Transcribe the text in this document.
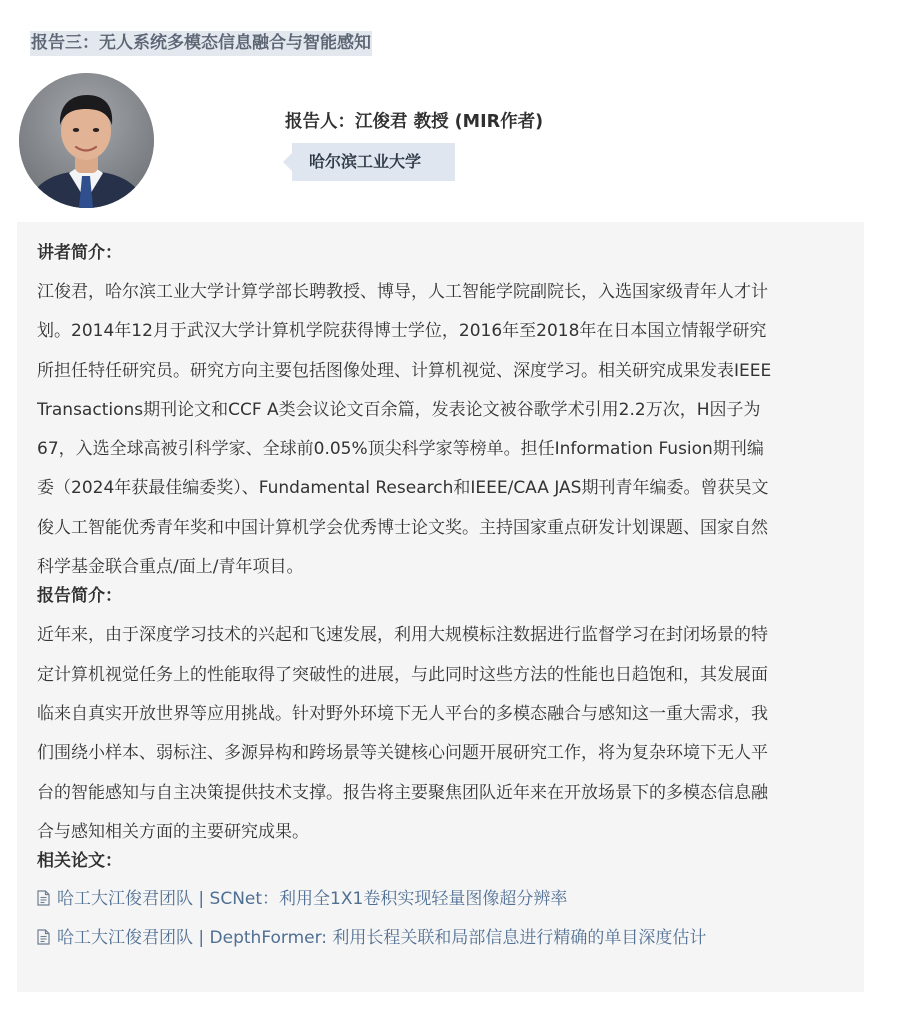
报告三：无人系统多模态信息融合与智能感知
报告人：江俊君 教授 (MIR作者)
哈尔滨工业大学
讲者简介：
江俊君，哈尔滨工业大学计算学部长聘教授、博导，人工智能学院副院长，入选国家级青年人才计
划。2014年12月于武汉大学计算机学院获得博士学位，2016年至2018年在日本国立情報学研究
所担任特任研究员。研究方向主要包括图像处理、计算机视觉、深度学习。相关研究成果发表IEEE
Transactions期刊论文和CCF A类会议论文百余篇，发表论文被谷歌学术引用2.2万次，H因子为
67，入选全球高被引科学家、全球前0.05%顶尖科学家等榜单。担任Information Fusion期刊编
委（2024年获最佳编委奖）、Fundamental Research和IEEE/CAA JAS期刊青年编委。曾获吴文
俊人工智能优秀青年奖和中国计算机学会优秀博士论文奖。主持国家重点研发计划课题、国家自然
科学基金联合重点/面上/青年项目。
报告简介：
近年来，由于深度学习技术的兴起和飞速发展，利用大规模标注数据进行监督学习在封闭场景的特
定计算机视觉任务上的性能取得了突破性的进展，与此同时这些方法的性能也日趋饱和，其发展面
临来自真实开放世界等应用挑战。针对野外环境下无人平台的多模态融合与感知这一重大需求，我
们围绕小样本、弱标注、多源异构和跨场景等关键核心问题开展研究工作，将为复杂环境下无人平
台的智能感知与自主决策提供技术支撑。报告将主要聚焦团队近年来在开放场景下的多模态信息融
合与感知相关方面的主要研究成果。
相关论文：
哈工大江俊君团队 | SCNet：利用全1X1卷积实现轻量图像超分辨率
哈工大江俊君团队 | DepthFormer: 利用长程关联和局部信息进行精确的单目深度估计
